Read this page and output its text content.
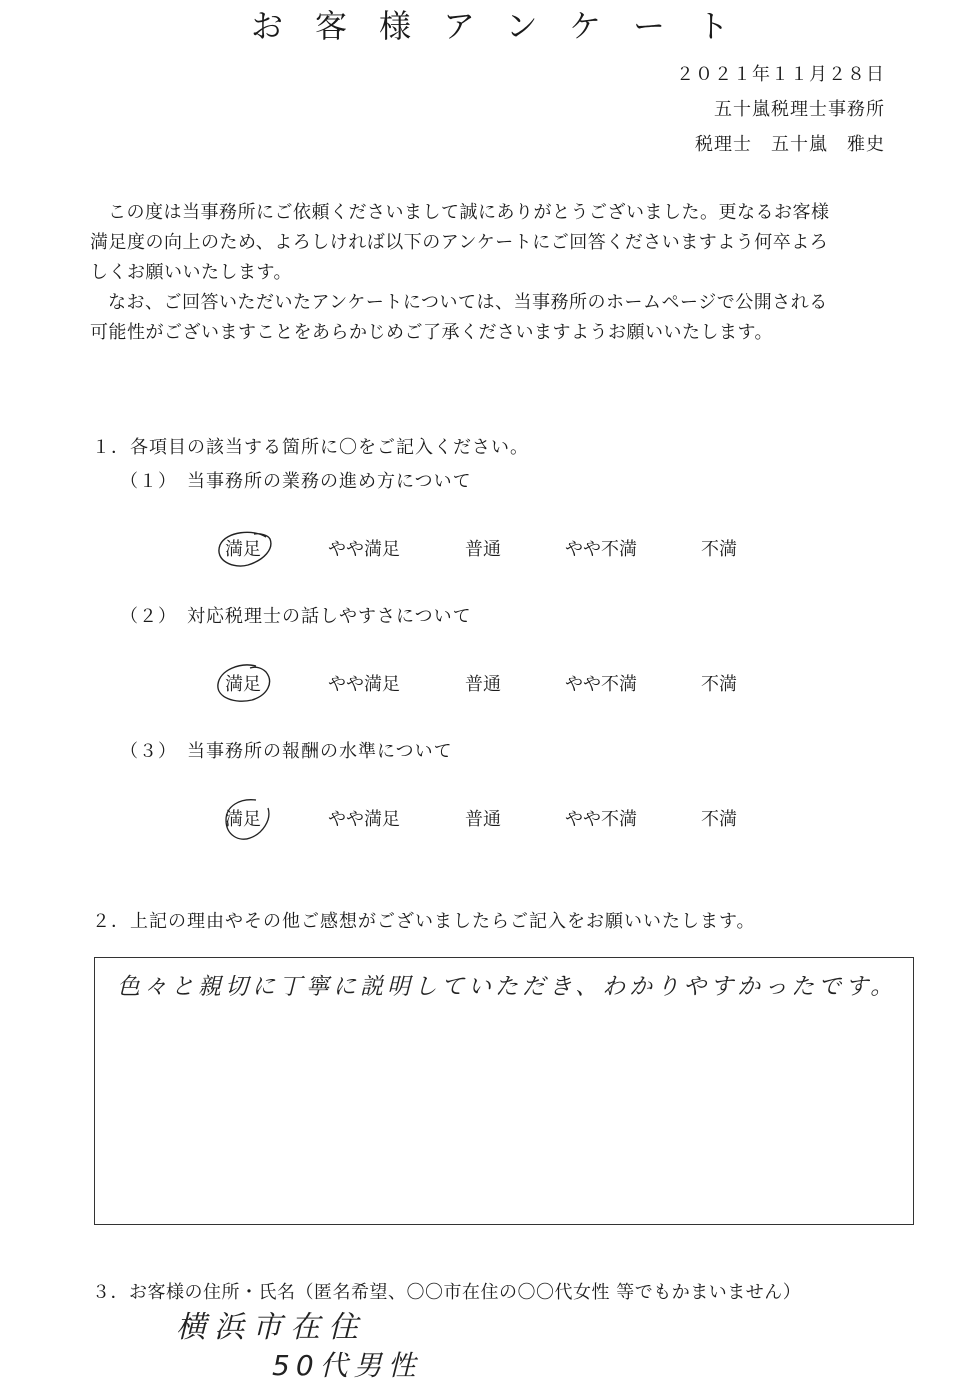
お客様アンケート
２０２１年１１月２８日
五十嵐税理士事務所
税理士　五十嵐　雅史
この度は当事務所にご依頼くださいまして誠にありがとうございました。更なるお客様
満足度の向上のため、よろしければ以下のアンケートにご回答くださいますよう何卒よろ
しくお願いいたします。
なお、ご回答いただいたアンケートについては、当事務所のホームページで公開される
可能性がございますことをあらかじめご了承くださいますようお願いいたします。
１．各項目の該当する箇所に〇をご記入ください。
（１）　当事務所の業務の進め方について
満足	やや満足	普通	やや不満	不満
（２）　対応税理士の話しやすさについて
満足	やや満足	普通	やや不満	不満
（３）　当事務所の報酬の水準について
満足	やや満足	普通	やや不満	不満
２．上記の理由やその他ご感想がございましたらご記入をお願いいたします。
色々と親切に丁寧に説明していただき、わかりやすかったです。
３．お客様の住所・氏名（匿名希望、〇〇市在住の〇〇代女性 等でもかまいません）
横浜市在住
50代男性
